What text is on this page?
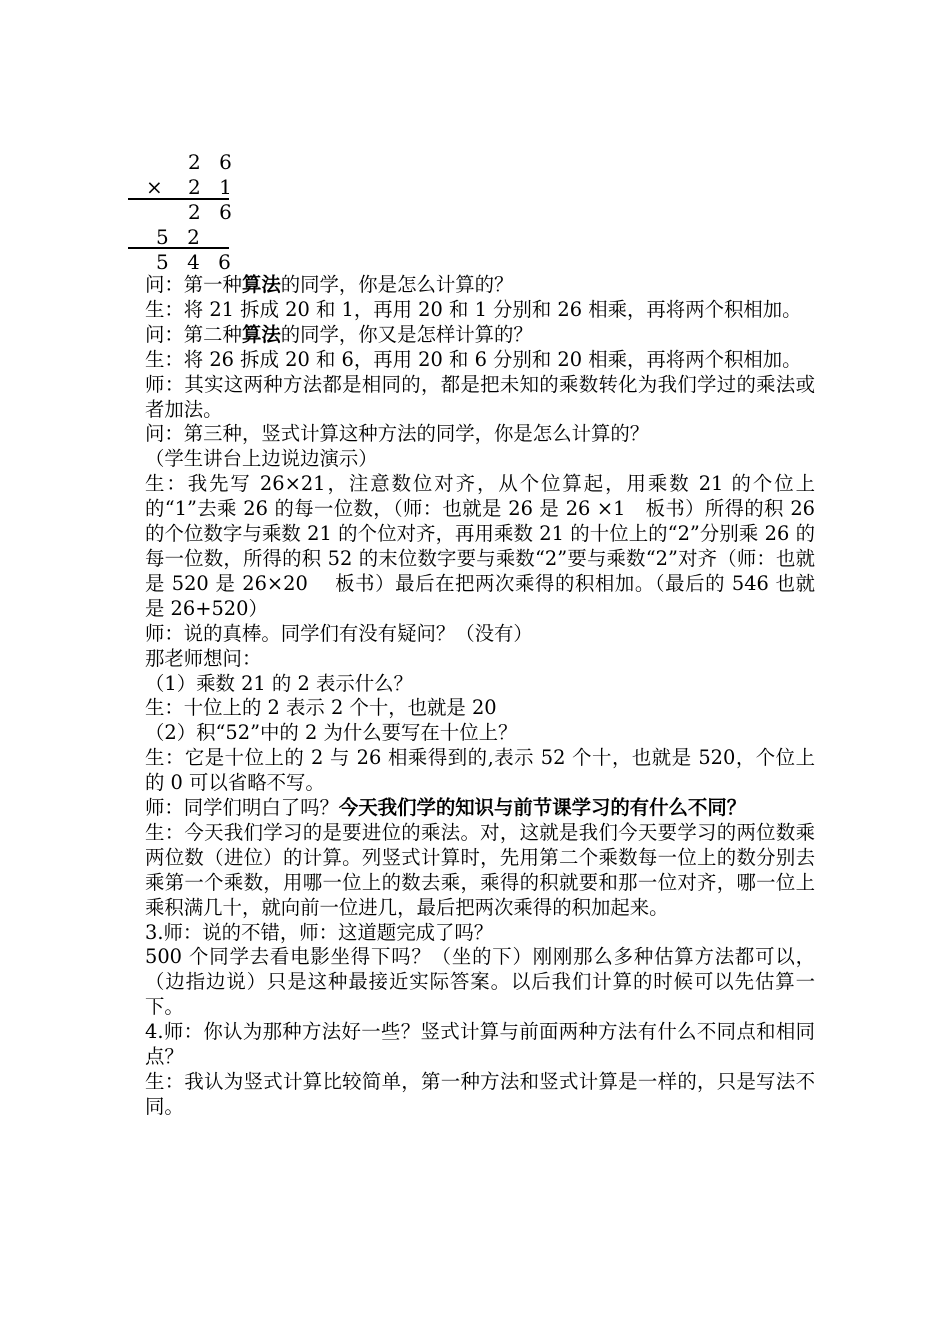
2 6
× 2 1
2 6
5 2
5 4 6

问：第一种算法的同学，你是怎么计算的？

生：将 21 拆成 20 和 1，再用 20 和 1 分别和 26 相乘，再将两个积相加。

问：第二种算法的同学，你又是怎样计算的？

生：将 26 拆成 20 和 6，再用 20 和 6 分别和 20 相乘，再将两个积相加。

师：其实这两种方法都是相同的，都是把未知的乘数转化为我们学过的乘法或者加法。

问：第三种，竖式计算这种方法的同学，你是怎么计算的？

（学生讲台上边说边演示）

生：我先写 26×21，注意数位对齐，从个位算起，用乘数 21 的个位上的“1”去乘 26 的每一位数，（师：也就是 26 是 26 ×1　板书）所得的积 26 的个位数字与乘数 21 的个位对齐，再用乘数 21 的十位上的“2”分别乘 26 的每一位数，所得的积 52 的末位数字要与乘数“2”要与乘数“2”对齐（师：也就是 520 是 26×20　 板书）最后在把两次乘得的积相加。（最后的 546 也就是 26+520）

师：说的真棒。同学们有没有疑问？（没有）

那老师想问：

（1）乘数 21 的 2 表示什么？

生：十位上的 2 表示 2 个十，也就是 20

（2）积“52”中的 2 为什么要写在十位上？

生：它是十位上的 2 与 26 相乘得到的,表示 52 个十，也就是 520，个位上的 0 可以省略不写。

师：同学们明白了吗？今天我们学的知识与前节课学习的有什么不同？

生：今天我们学习的是要进位的乘法。对，这就是我们今天要学习的两位数乘两位数（进位）的计算。列竖式计算时，先用第二个乘数每一位上的数分别去乘第一个乘数，用哪一位上的数去乘，乘得的积就要和那一位对齐，哪一位上乘积满几十，就向前一位进几，最后把两次乘得的积加起来。

3.师：说的不错，师：这道题完成了吗？

500 个同学去看电影坐得下吗？（坐的下）刚刚那么多种估算方法都可以，（边指边说）只是这种最接近实际答案。以后我们计算的时候可以先估算一下。

4.师：你认为那种方法好一些？竖式计算与前面两种方法有什么不同点和相同点？

生：我认为竖式计算比较简单，第一种方法和竖式计算是一样的，只是写法不同。
